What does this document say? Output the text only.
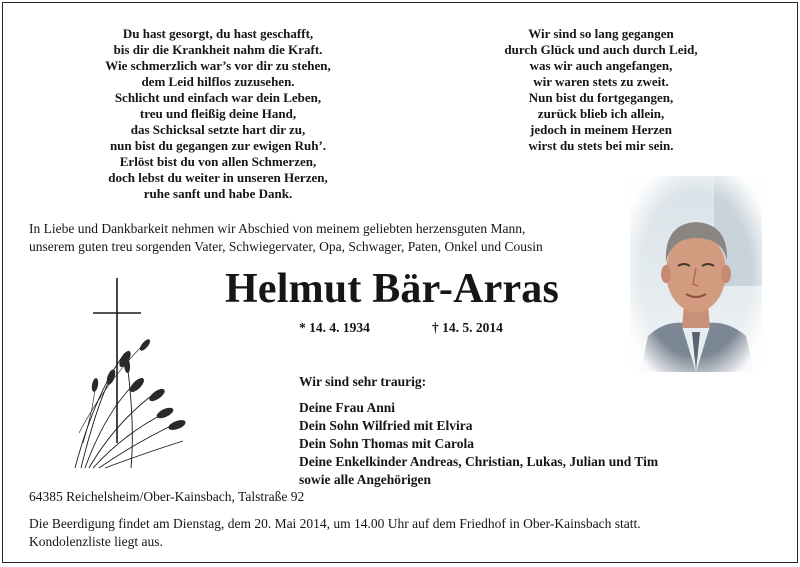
Du hast gesorgt, du hast geschafft,
bis dir die Krankheit nahm die Kraft.
Wie schmerzlich war’s vor dir zu stehen,
dem Leid hilflos zuzusehen.
Schlicht und einfach war dein Leben,
treu und fleißig deine Hand,
das Schicksal setzte hart dir zu,
nun bist du gegangen zur ewigen Ruh’.
Erlöst bist du von allen Schmerzen,
doch lebst du weiter in unseren Herzen,
ruhe sanft und habe Dank.
Wir sind so lang gegangen
durch Glück und auch durch Leid,
was wir auch angefangen,
wir waren stets zu zweit.
Nun bist du fortgegangen,
zurück blieb ich allein,
jedoch in meinem Herzen
wirst du stets bei mir sein.
In Liebe und Dankbarkeit nehmen wir Abschied von meinem geliebten herzensguten Mann,
unserem guten treu sorgenden Vater, Schwiegervater, Opa, Schwager, Paten, Onkel und Cousin
Helmut Bär-Arras
* 14. 4. 1934	† 14. 5. 2014
Wir sind sehr traurig:
Deine Frau Anni
Dein Sohn Wilfried mit Elvira
Dein Sohn Thomas mit Carola
Deine Enkelkinder Andreas, Christian, Lukas, Julian und Tim
sowie alle Angehörigen
64385 Reichelsheim/Ober-Kainsbach, Talstraße 92
Die Beerdigung findet am Dienstag, dem 20. Mai 2014, um 14.00 Uhr auf dem Friedhof in Ober-Kainsbach statt.
Kondolenzliste liegt aus.
